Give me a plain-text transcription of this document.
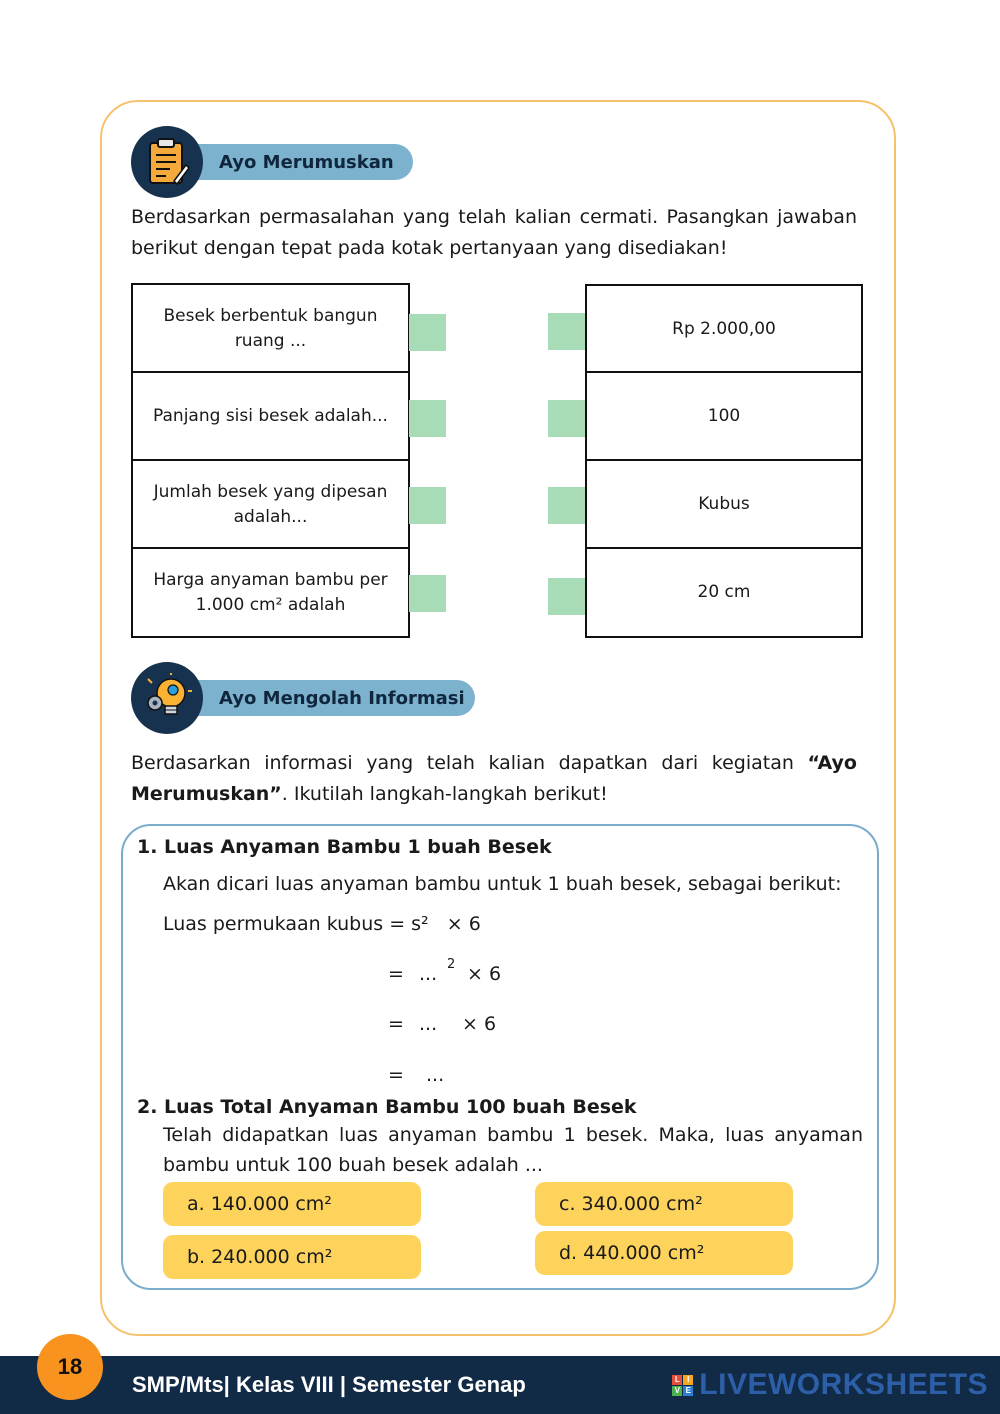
Ayo Merumuskan
Berdasarkan permasalahan yang telah kalian cermati. Pasangkan jawaban berikut dengan tepat pada kotak pertanyaan yang disediakan!
Besek berbentuk bangun ruang ...
Panjang sisi besek adalah...
Jumlah besek yang dipesan adalah...
Harga anyaman bambu per 1.000 cm² adalah
Rp 2.000,00
100
Kubus
20 cm
Ayo Mengolah Informasi
Berdasarkan informasi yang telah kalian dapatkan dari kegiatan “Ayo Merumuskan”. Ikutilah langkah-langkah berikut!
1. Luas Anyaman Bambu 1 buah Besek
Akan dicari luas anyaman bambu untuk 1 buah besek, sebagai berikut:
Luas permukaan kubus = s²   × 6
= ... 2 × 6
= ... × 6
= ...
2. Luas Total Anyaman Bambu 100 buah Besek
Telah didapatkan luas anyaman bambu 1 besek. Maka, luas anyaman bambu untuk 100 buah besek adalah ...
a. 140.000 cm²
b. 240.000 cm²
c. 340.000 cm²
d. 440.000 cm²
SMP/Mts| Kelas VIII | Semester Genap
18	L I
V E LIVEWORKSHEETS
